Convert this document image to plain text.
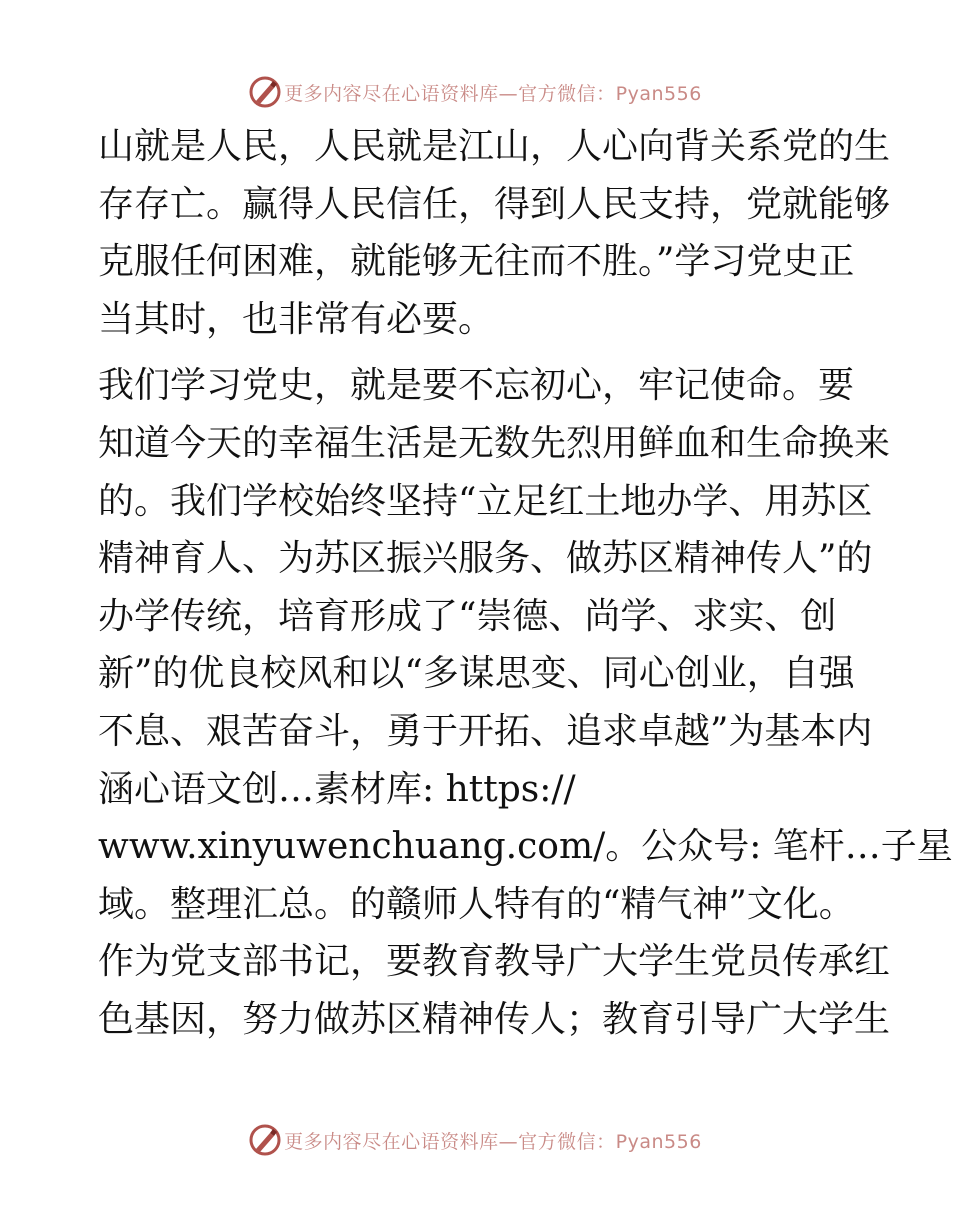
更多内容尽在心语资料库—官方微信：Pyan556
山就是人民，人民就是江山，人心向背关系党的生
存存亡。赢得人民信任，得到人民支持，党就能够
克服任何困难，就能够无往而不胜。”学习党史正
当其时，也非常有必要。
我们学习党史，就是要不忘初心，牢记使命。要
知道今天的幸福生活是无数先烈用鲜血和生命换来
的。我们学校始终坚持“立足红土地办学、用苏区
精神育人、为苏区振兴服务、做苏区精神传人”的
办学传统，培育形成了“崇德、尚学、求实、创
新”的优良校风和以“多谋思变、同心创业，自强
不息、艰苦奋斗，勇于开拓、追求卓越”为基本内
涵心语文创…素材库: https://
www.xinyuwenchuang.com/。公众号: 笔杆…子星
域。整理汇总。的赣师人特有的“精气神”文化。
作为党支部书记，要教育教导广大学生党员传承红
色基因，努力做苏区精神传人；教育引导广大学生
更多内容尽在心语资料库—官方微信：Pyan556
